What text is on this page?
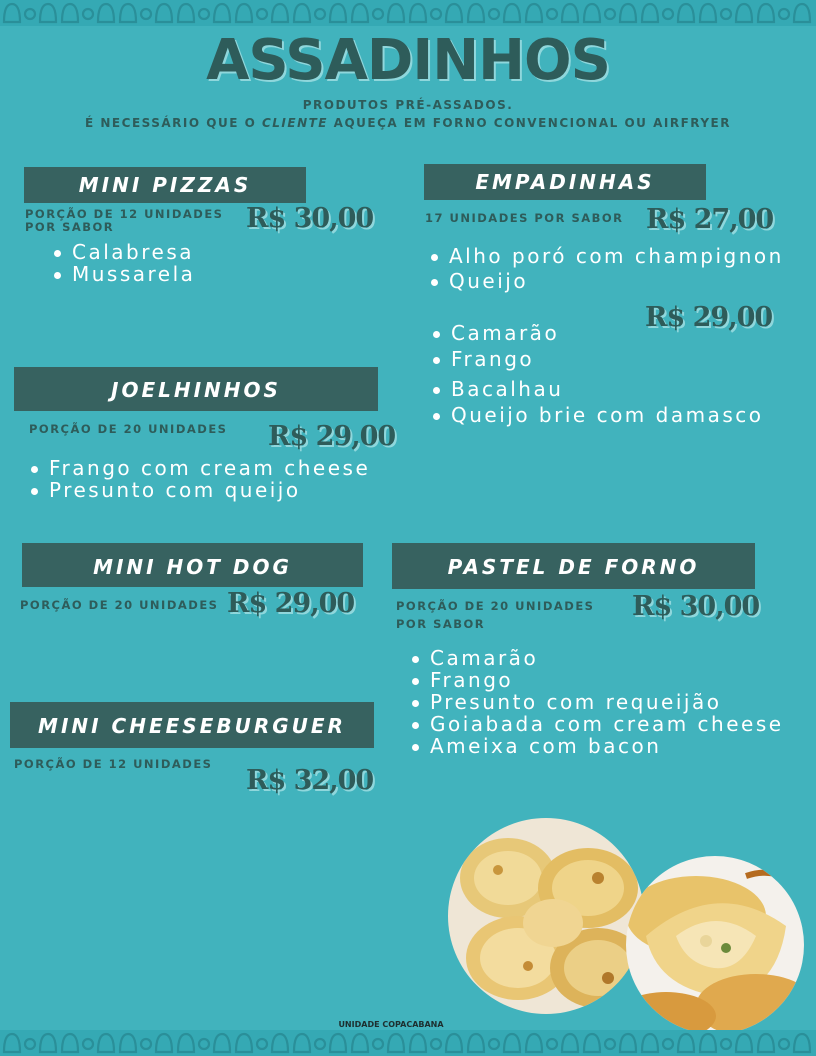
ASSADINHOS
PRODUTOS PRÉ-ASSADOS.
É NECESSÁRIO QUE O CLIENTE AQUEÇA EM FORNO CONVENCIONAL OU AIRFRYER
MINI PIZZAS
PORÇÃO DE 12 UNIDADES
POR SABOR	R$ 30,00
Calabresa
Mussarela
EMPADINHAS
17 UNIDADES POR SABOR R$ 27,00
Alho poró com champignon
Queijo
R$ 29,00
Camarão
Frango
Bacalhau
Queijo brie com damasco
JOELHINHOS
PORÇÃO DE 20 UNIDADES R$ 29,00
Frango com cream cheese
Presunto com queijo
MINI HOT DOG
PORÇÃO DE 20 UNIDADES R$ 29,00
PASTEL DE FORNO
PORÇÃO DE 20 UNIDADES
POR SABOR
R$ 30,00
Camarão
Frango
Presunto com requeijão
Goiabada com cream cheese
Ameixa com bacon
MINI CHEESEBURGUER
PORÇÃO DE 12 UNIDADES
R$ 32,00
UNIDADE COPACABANA
